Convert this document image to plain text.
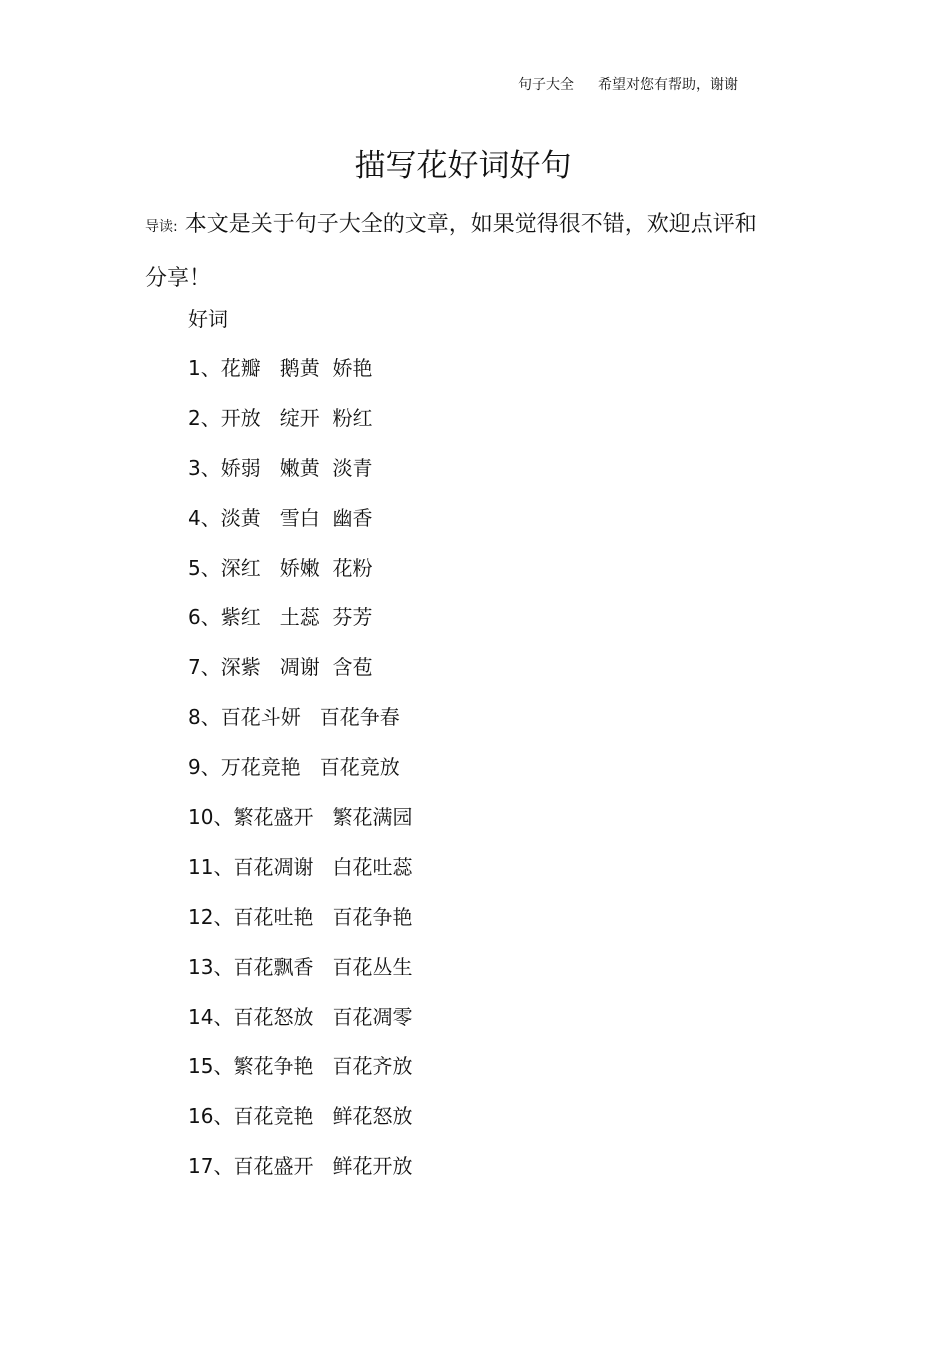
句子大全 希望对您有帮助，谢谢
描写花好词好句

导读: 本文是关于句子大全的文章，如果觉得很不错，欢迎点评和分享！

好词

1、花瓣   鹅黄  娇艳
2、开放   绽开  粉红
3、娇弱   嫩黄  淡青
4、淡黄   雪白  幽香
5、深红   娇嫩  花粉
6、紫红   土蕊  芬芳
7、深紫   凋谢  含苞
8、百花斗妍   百花争春
9、万花竞艳   百花竞放
10、繁花盛开   繁花满园
11、百花凋谢   白花吐蕊
12、百花吐艳   百花争艳
13、百花飘香   百花丛生
14、百花怒放   百花凋零
15、繁花争艳   百花齐放
16、百花竞艳   鲜花怒放
17、百花盛开   鲜花开放
